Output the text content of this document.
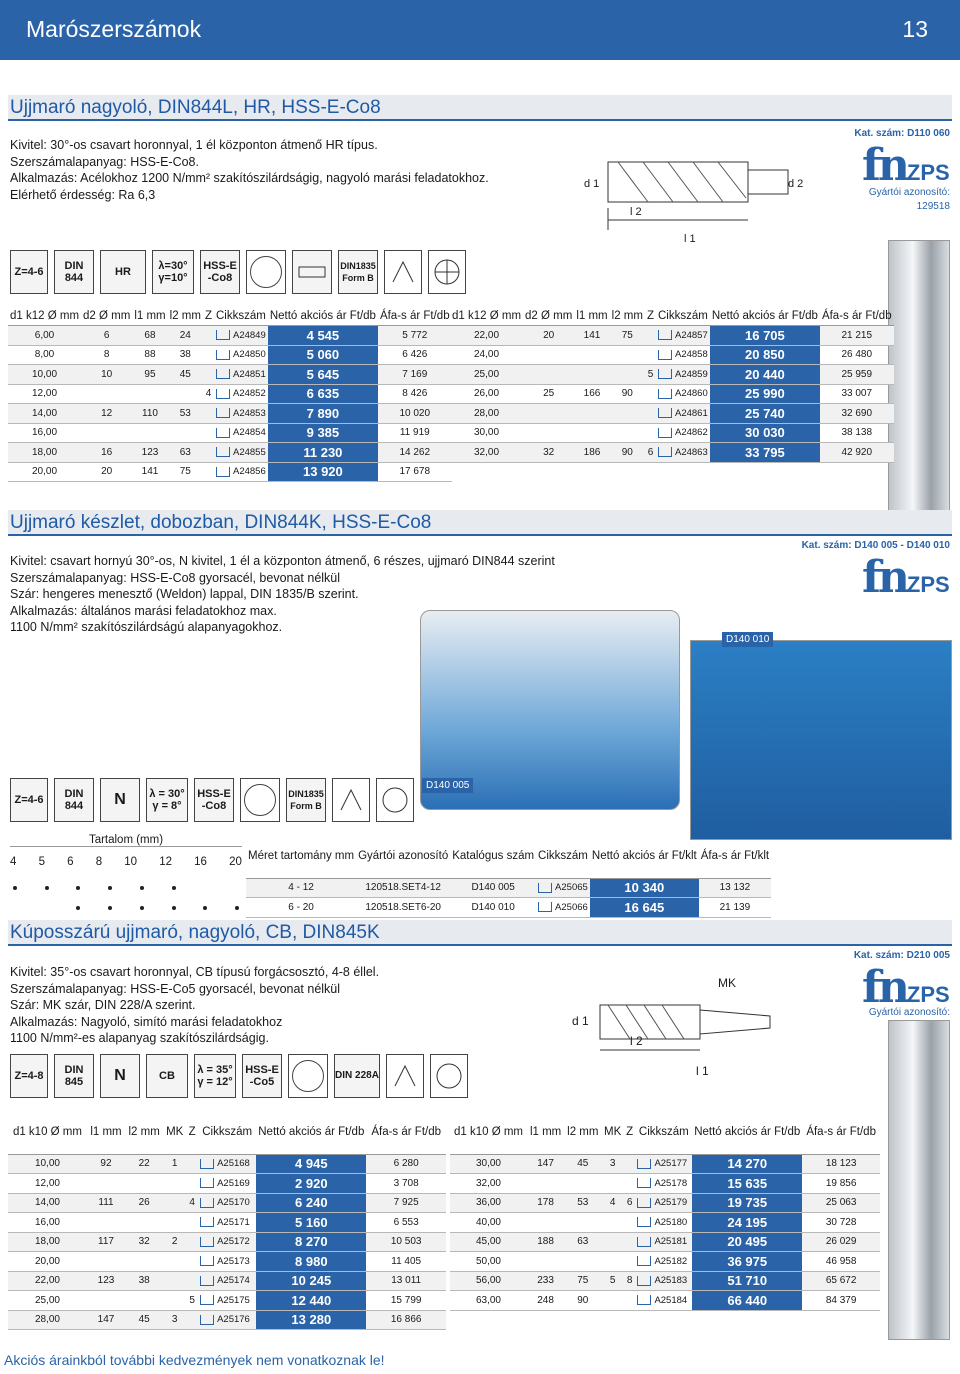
Marószerszámok	13
Ujjmaró nagyoló, DIN844L, HR, HSS-E-Co8
Kivitel: 30°-os csavart horonnyal, 1 él központon átmenő HR típus.
Szerszámalapanyag: HSS-E-Co8.
Alkalmazás: Acélokhoz 1200 N/mm² szakítószilárdságig, nagyoló marási feladatokhoz.
Elérhető érdesség: Ra 6,3
d 1	d 2
l 2
l 1
Kat. szám: D110 060
fnZPS
Gyártói azonosító:
129518
Z=4-6	DIN 844	HR	λ=30° γ=10°
HSS-E -Co8
DIN1835 Form B
d1 k12 Ø mm	d2 Ø mm	l1 mm	l2 mm	Z	Cikkszám	Nettó akciós ár Ft/db	Áfa-s ár Ft/db
6,00	6	68	24		A24849	4 545	5 772
8,00	8	88	38		A24850	5 060	6 426
10,00	10	95	45		A24851	5 645	7 169
12,00				4	A24852	6 635	8 426
14,00	12	110	53		A24853	7 890	10 020
16,00					A24854	9 385	11 919
18,00	16	123	63		A24855	11 230	14 262
20,00	20	141	75		A24856	13 920	17 678
d1 k12 Ø mm	d2 Ø mm	l1 mm	l2 mm	Z	Cikkszám	Nettó akciós ár Ft/db	Áfa-s ár Ft/db
22,00	20	141	75		A24857	16 705	21 215
24,00					A24858	20 850	26 480
25,00				5	A24859	20 440	25 959
26,00	25	166	90		A24860	25 990	33 007
28,00					A24861	25 740	32 690
30,00					A24862	30 030	38 138
32,00	32	186	90	6	A24863	33 795	42 920
Ujjmaró készlet, dobozban, DIN844K, HSS-E-Co8
Kat. szám: D140 005 - D140 010
Kivitel: csavart hornyú 30°-os, N kivitel, 1 él a központon átmenő, 6 részes, ujjmaró DIN844 szerint
Szerszámalapanyag: HSS-E-Co8 gyorsacél, bevonat nélkül
Szár: hengeres menesztő (Weldon) lappal, DIN 1835/B szerint.
Alkalmazás: általános marási feladatokhoz max.
1100 N/mm² szakítószilárdságú alapanyagokhoz.
fnZPS
D140 010
D140 005
Z=4-6	DIN 844	N	λ = 30° γ = 8°
HSS-E -Co8
DIN1835 Form B
Tartalom (mm)
4 5 6 8 10 12 16 20
Méret tartomány mm	Gyártói azonosító	Katalógus szám	Cikkszám	Nettó akciós ár Ft/klt	Áfa-s ár Ft/klt
4 - 12	120518.SET4-12	D140 005	A25065	10 340	13 132
6 - 20	120518.SET6-20	D140 010	A25066	16 645	21 139
Kúposszárú ujjmaró, nagyoló, CB, DIN845K
Kat. szám: D210 005
Kivitel: 35°-os csavart horonnyal, CB típusú forgácsosztó, 4-8 éllel.
Szerszámalapanyag: HSS-E-Co5 gyorsacél, bevonat nélkül
Szár: MK szár, DIN 228/A szerint.
Alkalmazás: Nagyoló, simító marási feladatokhoz
1100 N/mm²-es alapanyag szakítószilárdságig.
fnZPS
Gyártói azonosító:
MK
d 1
l 2
l 1
Z=4-8	DIN 845	N	CB	λ = 35° γ = 12°
HSS-E -Co5
DIN 228A
d1 k10 Ø mm	l1 mm	l2 mm	MK	Z	Cikkszám	Nettó akciós ár Ft/db	Áfa-s ár Ft/db
10,00	92	22	1		A25168	4 945	6 280
12,00					A25169	2 920	3 708
14,00	111	26		4	A25170	6 240	7 925
16,00					A25171	5 160	6 553
18,00	117	32	2		A25172	8 270	10 503
20,00					A25173	8 980	11 405
22,00	123	38			A25174	10 245	13 011
25,00				5	A25175	12 440	15 799
28,00	147	45	3		A25176	13 280	16 866
d1 k10 Ø mm	l1 mm	l2 mm	MK	Z	Cikkszám	Nettó akciós ár Ft/db	Áfa-s ár Ft/db
30,00	147	45	3		A25177	14 270	18 123
32,00					A25178	15 635	19 856
36,00	178	53	4	6	A25179	19 735	25 063
40,00					A25180	24 195	30 728
45,00	188	63			A25181	20 495	26 029
50,00					A25182	36 975	46 958
56,00	233	75	5	8	A25183	51 710	65 672
63,00	248	90			A25184	66 440	84 379
Akciós árainkból további kedvezmények nem vonatkoznak le!
